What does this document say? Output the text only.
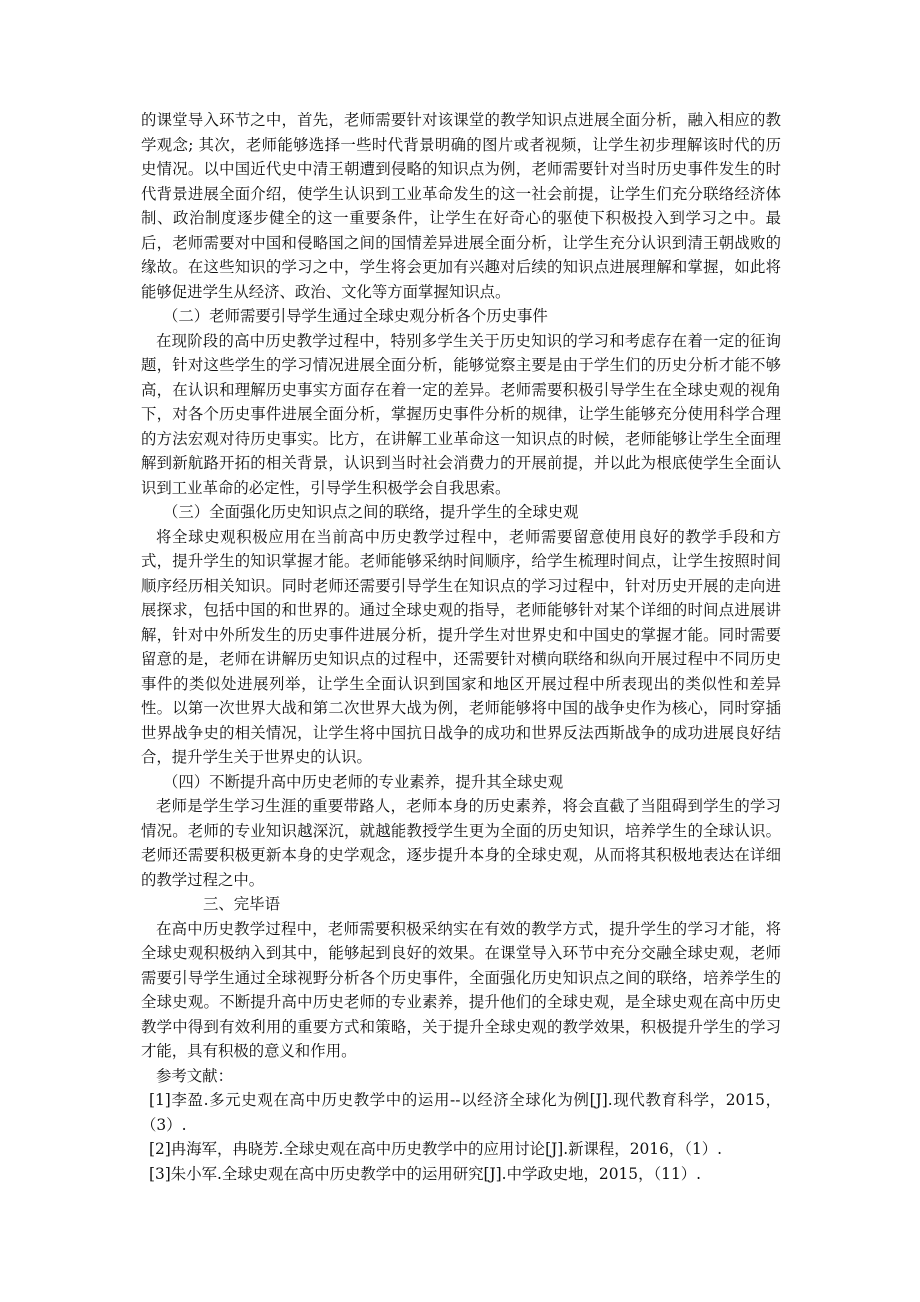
的课堂导入环节之中，首先，老师需要针对该课堂的教学知识点进展全面分析，融入相应的教学观念; 其次，老师能够选择一些时代背景明确的图片或者视频，让学生初步理解该时代的历史情况。以中国近代史中清王朝遭到侵略的知识点为例，老师需要针对当时历史事件发生的时代背景进展全面介绍，使学生认识到工业革命发生的这一社会前提，让学生们充分联络经济体制、政治制度逐步健全的这一重要条件，让学生在好奇心的驱使下积极投入到学习之中。最后，老师需要对中国和侵略国之间的国情差异进展全面分析，让学生充分认识到清王朝战败的缘故。在这些知识的学习之中，学生将会更加有兴趣对后续的知识点进展理解和掌握，如此将能够促进学生从经济、政治、文化等方面掌握知识点。

（二）老师需要引导学生通过全球史观分析各个历史事件

在现阶段的高中历史教学过程中，特别多学生关于历史知识的学习和考虑存在着一定的征询题，针对这些学生的学习情况进展全面分析，能够觉察主要是由于学生们的历史分析才能不够高，在认识和理解历史事实方面存在着一定的差异。老师需要积极引导学生在全球史观的视角下，对各个历史事件进展全面分析，掌握历史事件分析的规律，让学生能够充分使用科学合理的方法宏观对待历史事实。比方，在讲解工业革命这一知识点的时候，老师能够让学生全面理解到新航路开拓的相关背景，认识到当时社会消费力的开展前提，并以此为根底使学生全面认识到工业革命的必定性，引导学生积极学会自我思索。

（三）全面强化历史知识点之间的联络，提升学生的全球史观

将全球史观积极应用在当前高中历史教学过程中，老师需要留意使用良好的教学手段和方式，提升学生的知识掌握才能。老师能够采纳时间顺序，给学生梳理时间点，让学生按照时间顺序经历相关知识。同时老师还需要引导学生在知识点的学习过程中，针对历史开展的走向进展探求，包括中国的和世界的。通过全球史观的指导，老师能够针对某个详细的时间点进展讲解，针对中外所发生的历史事件进展分析，提升学生对世界史和中国史的掌握才能。同时需要留意的是，老师在讲解历史知识点的过程中，还需要针对横向联络和纵向开展过程中不同历史事件的类似处进展列举，让学生全面认识到国家和地区开展过程中所表现出的类似性和差异性。以第一次世界大战和第二次世界大战为例，老师能够将中国的战争史作为核心，同时穿插世界战争史的相关情况，让学生将中国抗日战争的成功和世界反法西斯战争的成功进展良好结合，提升学生关于世界史的认识。

（四）不断提升高中历史老师的专业素养，提升其全球史观

老师是学生学习生涯的重要带路人，老师本身的历史素养，将会直截了当阻碍到学生的学习情况。老师的专业知识越深沉，就越能教授学生更为全面的历史知识，培养学生的全球认识。老师还需要积极更新本身的史学观念，逐步提升本身的全球史观，从而将其积极地表达在详细的教学过程之中。

三、完毕语

在高中历史教学过程中，老师需要积极采纳实在有效的教学方式，提升学生的学习才能，将全球史观积极纳入到其中，能够起到良好的效果。在课堂导入环节中充分交融全球史观，老师需要引导学生通过全球视野分析各个历史事件，全面强化历史知识点之间的联络，培养学生的全球史观。不断提升高中历史老师的专业素养，提升他们的全球史观，是全球史观在高中历史教学中得到有效利用的重要方式和策略，关于提升全球史观的教学效果，积极提升学生的学习才能，具有积极的意义和作用。

参考文献：

[1]李盈.多元史观在高中历史教学中的运用--以经济全球化为例[J].现代教育科学，2015，（3）.

[2]冉海军，冉晓芳.全球史观在高中历史教学中的应用讨论[J].新课程，2016，（1）.

[3]朱小军.全球史观在高中历史教学中的运用研究[J].中学政史地，2015，（11）.
